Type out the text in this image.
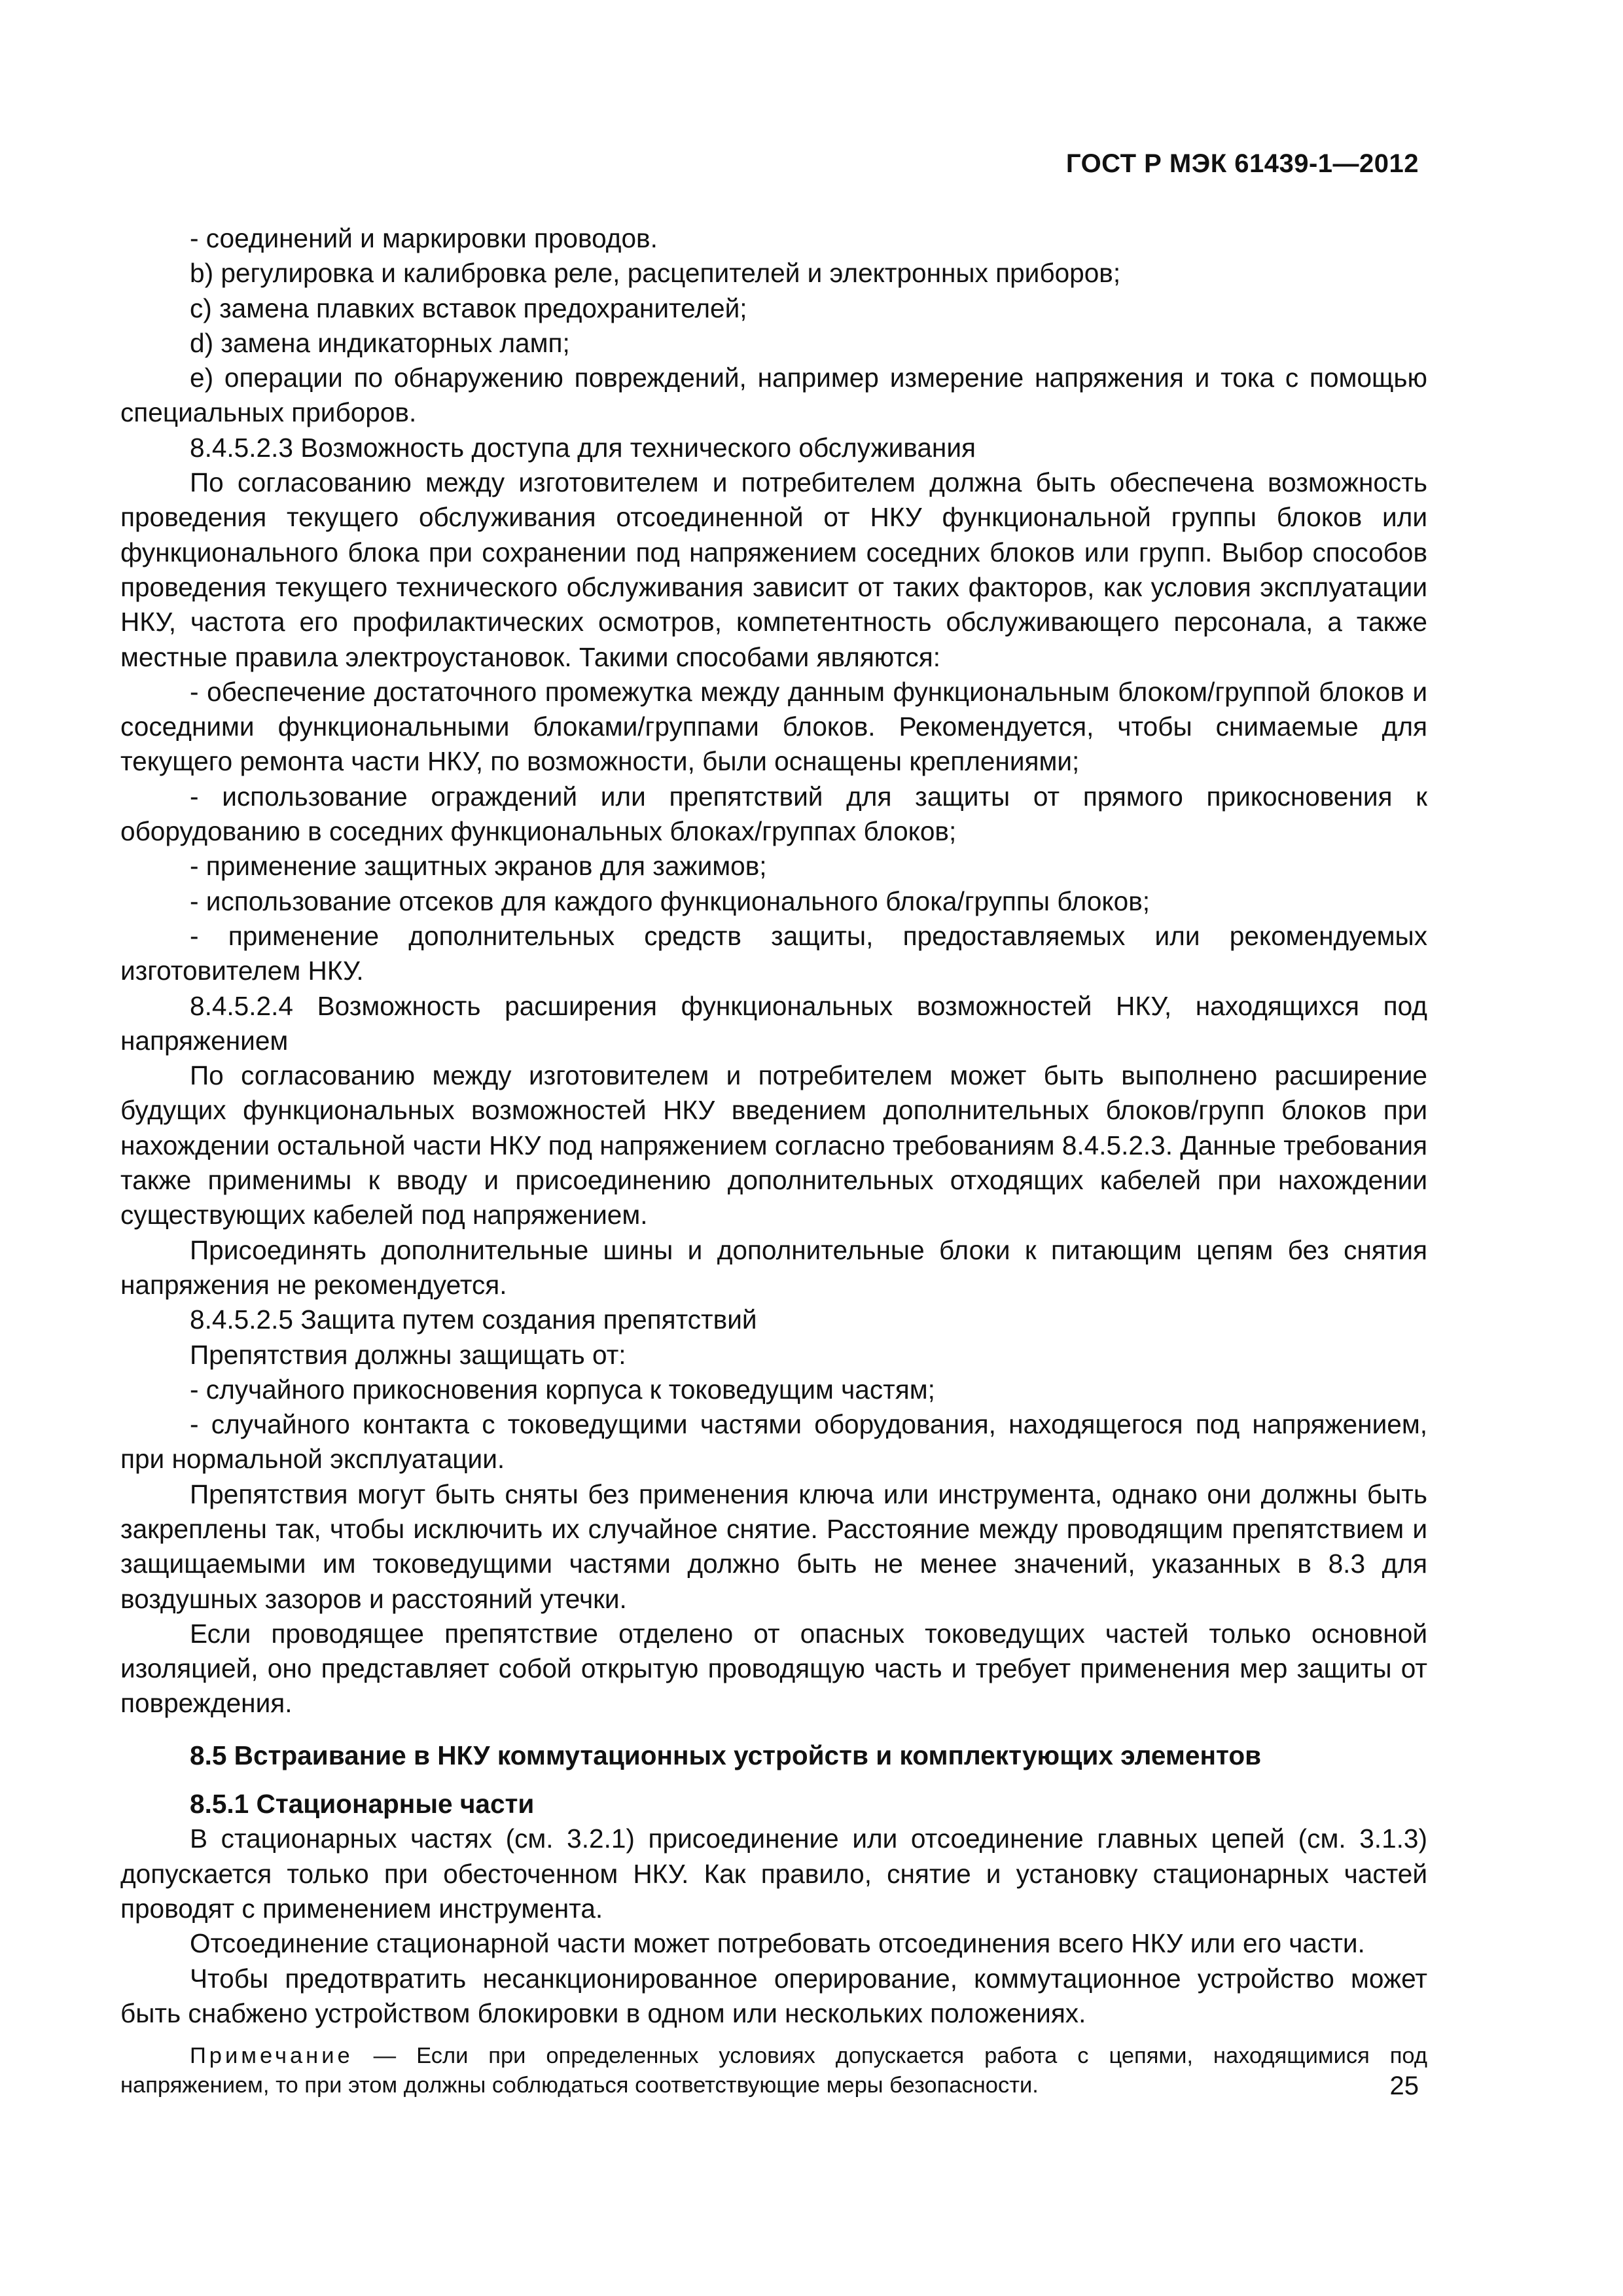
ГОСТ Р МЭК 61439-1—2012

- соединений и маркировки проводов.

b) регулировка и калибровка реле, расцепителей и электронных приборов;

c) замена плавких вставок предохранителей;

d) замена индикаторных ламп;

e) операции по обнаружению повреждений, например измерение напряжения и тока с помощью специальных приборов.

8.4.5.2.3 Возможность доступа для технического обслуживания

По согласованию между изготовителем и потребителем должна быть обеспечена возможность проведения текущего обслуживания отсоединенной от НКУ функциональной группы блоков или функционального блока при сохранении под напряжением соседних блоков или групп. Выбор способов проведения текущего технического обслуживания зависит от таких факторов, как условия эксплуатации НКУ, частота его профилактических осмотров, компетентность обслуживающего персонала, а также местные правила электроустановок. Такими способами являются:

- обеспечение достаточного промежутка между данным функциональным блоком/группой блоков и соседними функциональными блоками/группами блоков. Рекомендуется, чтобы снимаемые для текущего ремонта части НКУ, по возможности, были оснащены креплениями;

- использование ограждений или препятствий для защиты от прямого прикосновения к оборудованию в соседних функциональных блоках/группах блоков;

- применение защитных экранов для зажимов;

- использование отсеков для каждого функционального блока/группы блоков;

- применение дополнительных средств защиты, предоставляемых или рекомендуемых изготовителем НКУ.

8.4.5.2.4 Возможность расширения функциональных возможностей НКУ, находящихся под напряжением

По согласованию между изготовителем и потребителем может быть выполнено расширение будущих функциональных возможностей НКУ введением дополнительных блоков/групп блоков при нахождении остальной части НКУ под напряжением согласно требованиям 8.4.5.2.3. Данные требования также применимы к вводу и присоединению дополнительных отходящих кабелей при нахождении существующих кабелей под напряжением.

Присоединять дополнительные шины и дополнительные блоки к питающим цепям без снятия напряжения не рекомендуется.

8.4.5.2.5 Защита путем создания препятствий

Препятствия должны защищать от:

- случайного прикосновения корпуса к токоведущим частям;

- случайного контакта с токоведущими частями оборудования, находящегося под напряжением, при нормальной эксплуатации.

Препятствия могут быть сняты без применения ключа или инструмента, однако они должны быть закреплены так, чтобы исключить их случайное снятие. Расстояние между проводящим препятствием и защищаемыми им токоведущими частями должно быть не менее значений, указанных в 8.3 для воздушных зазоров и расстояний утечки.

Если проводящее препятствие отделено от опасных токоведущих частей только основной изоляцией, оно представляет собой открытую проводящую часть и требует применения мер защиты от повреждения.

8.5 Встраивание в НКУ коммутационных устройств и комплектующих элементов
8.5.1 Стационарные части

В стационарных частях (см. 3.2.1) присоединение или отсоединение главных цепей (см. 3.1.3) допускается только при обесточенном НКУ. Как правило, снятие и установку стационарных частей проводят с применением инструмента.

Отсоединение стационарной части может потребовать отсоединения всего НКУ или его части.

Чтобы предотвратить несанкционированное оперирование, коммутационное устройство может быть снабжено устройством блокировки в одном или нескольких положениях.

Примечание — Если при определенных условиях допускается работа с цепями, находящимися под напряжением, то при этом должны соблюдаться соответствующие меры безопасности.	25
